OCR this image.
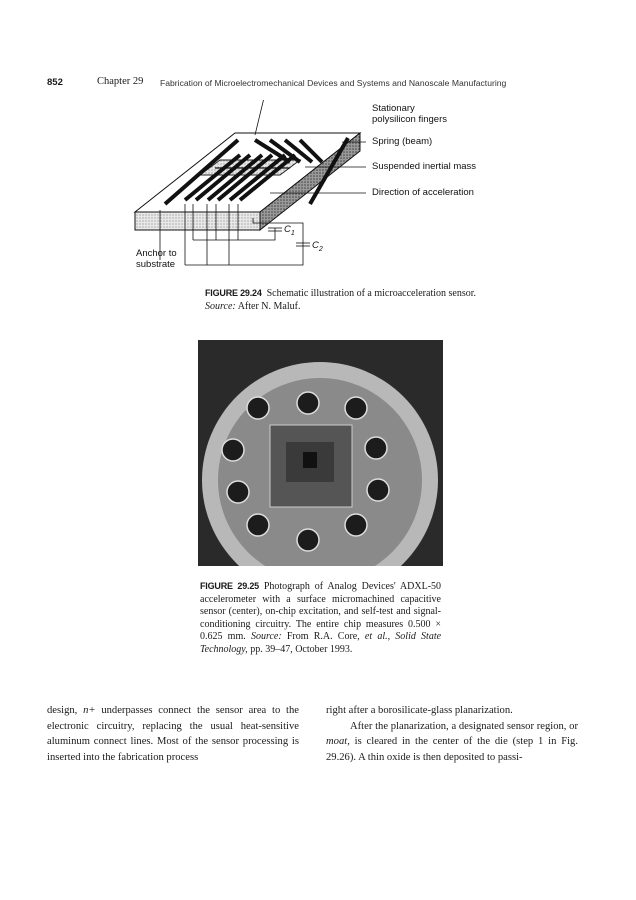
852	Chapter 29 Fabrication of Microelectromechanical Devices and Systems and Nanoscale Manufacturing
Stationary
polysilicon fingers
Spring (beam)
Suspended inertial mass
Direction of acceleration
Anchor to
substrate
$C_1$
$C_2$
FIGURE 29.24 Schematic illustration of a microacceleration sensor. Source: After N. Maluf.
FIGURE 29.25 Photograph of Analog Devices' ADXL-50 accelerometer with a surface micromachined capacitive sensor (center), on-chip excitation, and self-test and signal-conditioning circuitry. The entire chip measures 0.500 × 0.625 mm. Source: From R.A. Core, et al., Solid State Technology, pp. 39–47, October 1993.

design, n+ underpasses connect the sensor area to the electronic circuitry, replacing the usual heat-sensitive aluminum connect lines. Most of the sensor processing is inserted into the fabrication process

right after a borosilicate-glass planarization.

After the planarization, a designated sensor region, or moat, is cleared in the center of the die (step 1 in Fig. 29.26). A thin oxide is then deposited to passi-
